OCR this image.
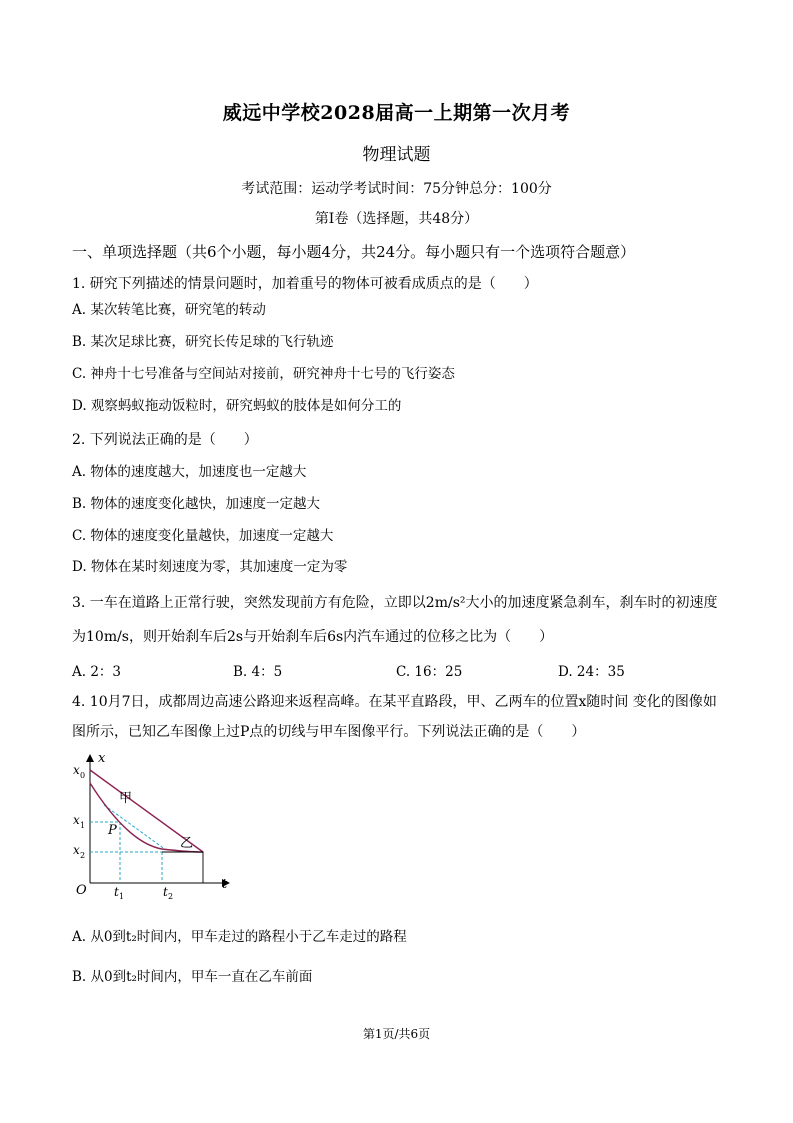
威远中学校2028届高一上期第一次月考
物理试题
考试范围：运动学考试时间：75分钟总分：100分
第Ⅰ卷（选择题，共48分）
一、单项选择题（共6个小题，每小题4分，共24分。每小题只有一个选项符合题意）
1. 研究下列描述的情景问题时，加着重号的物体可被看成质点的是（　　）
A. 某次转笔比赛，研究笔的转动
B. 某次足球比赛，研究长传足球的飞行轨迹
C. 神舟十七号准备与空间站对接前，研究神舟十七号的飞行姿态
D. 观察蚂蚁拖动饭粒时，研究蚂蚁的肢体是如何分工的
2. 下列说法正确的是（　　）
A. 物体的速度越大，加速度也一定越大
B. 物体的速度变化越快，加速度一定越大
C. 物体的速度变化量越快，加速度一定越大
D. 物体在某时刻速度为零，其加速度一定为零
3. 一车在道路上正常行驶，突然发现前方有危险，立即以2m/s²大小的加速度紧急刹车，刹车时的初速度
为10m/s，则开始刹车后2s与开始刹车后6s内汽车通过的位移之比为（　　）
A. 2：3	B. 4：5	C. 16：25	D. 24：35
4. 10月7日，成都周边高速公路迎来返程高峰。在某平直路段，甲、乙两车的位置x随时间 变化的图像如
图所示，已知乙车图像上过P点的切线与甲车图像平行。下列说法正确的是（　　）
x
t
O
x 0
x 1
x 2
t 1	t 2
甲
乙
P
A. 从0到t₂时间内，甲车走过的路程小于乙车走过的路程
B. 从0到t₂时间内，甲车一直在乙车前面
第1页/共6页
